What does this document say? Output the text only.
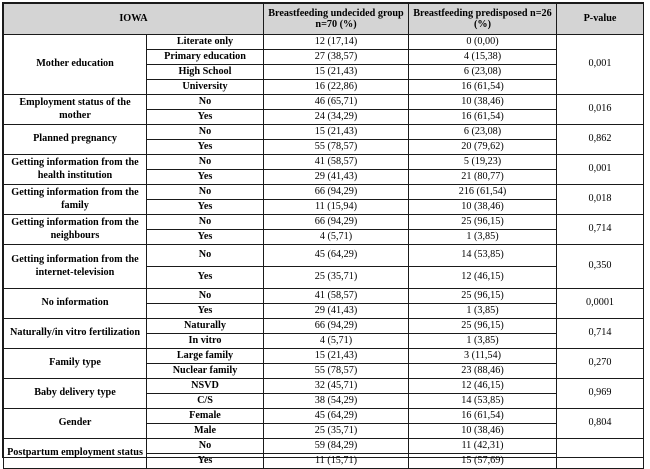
IOWA		Breastfeeding undecided group n=70 (%)	Breastfeeding predisposed n=26 (%)	P-value
Mother education	Literate only	12 (17,14)	0 (0,00)	0,001
	Primary education	27 (38,57)	4 (15,38)	
	High School	15 (21,43)	6 (23,08)	
	University	16 (22,86)	16 (61,54)	
Employment status of the mother	No	46 (65,71)	10 (38,46)	0,016
	Yes	24 (34,29)	16 (61,54)	
Planned pregnancy	No	15 (21,43)	6 (23,08)	0,862
	Yes	55 (78,57)	20 (79,62)	
Getting information from the health institution	No	41 (58,57)	5 (19,23)	0,001
	Yes	29 (41,43)	21 (80,77)	
Getting information from the family	No	66 (94,29)	216 (61,54)	0,018
	Yes	11 (15,94)	10 (38,46)	
Getting information from the neighbours	No	66 (94,29)	25 (96,15)	0,714
	Yes	4 (5,71)	1 (3,85)	
Getting information from the internet-television	No	45 (64,29)	14 (53,85)	0,350
	Yes	25 (35,71)	12 (46,15)	
No information	No	41 (58,57)	25 (96,15)	0,0001
	Yes	29 (41,43)	1 (3,85)	
Naturally/in vitro fertilization	Naturally	66 (94,29)	25 (96,15)	0,714
	In vitro	4 (5,71)	1 (3,85)	
Family type	Large family	15 (21,43)	3 (11,54)	0,270
	Nuclear family	55 (78,57)	23 (88,46)	
Baby delivery type	NSVD	32 (45,71)	12 (46,15)	0,969
	C/S	38 (54,29)	14 (53,85)	
Gender	Female	45 (64,29)	16 (61,54)	0,804
	Male	25 (35,71)	10 (38,46)	
Postpartum employment status	No	59 (84,29)	11 (42,31)	
	Yes	11 (15,71)	15 (57,69)	
